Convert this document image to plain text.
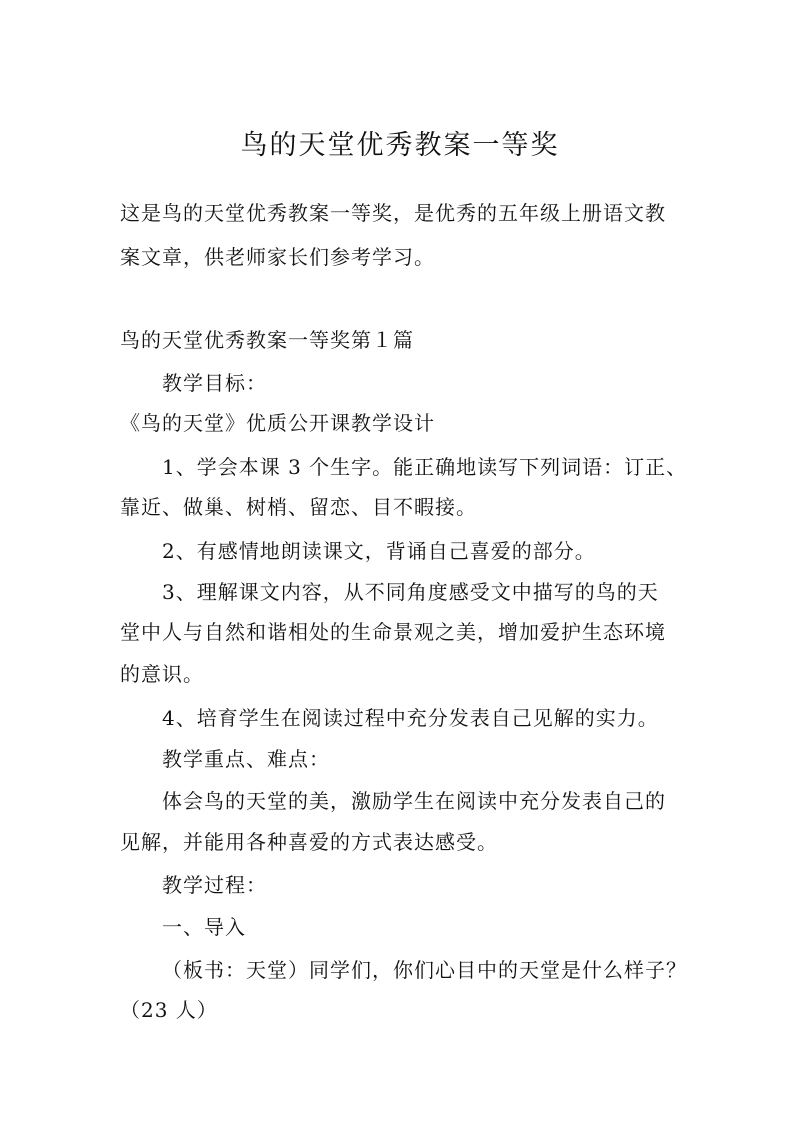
鸟的天堂优秀教案一等奖
这是鸟的天堂优秀教案一等奖，是优秀的五年级上册语文教
案文章，供老师家长们参考学习。
鸟的天堂优秀教案一等奖第１篇
教学目标：
《鸟的天堂》优质公开课教学设计
1、学会本课 3 个生字。能正确地读写下列词语：订正、
靠近、做巢、树梢、留恋、目不暇接。
2、有感情地朗读课文，背诵自己喜爱的部分。
3、理解课文内容，从不同角度感受文中描写的鸟的天
堂中人与自然和谐相处的生命景观之美，增加爱护生态环境
的意识。
4、培育学生在阅读过程中充分发表自己见解的实力。
教学重点、难点：
体会鸟的天堂的美，激励学生在阅读中充分发表自己的
见解，并能用各种喜爱的方式表达感受。
教学过程：
一、导入
（板书：天堂）同学们，你们心目中的天堂是什么样子？
（23 人）
